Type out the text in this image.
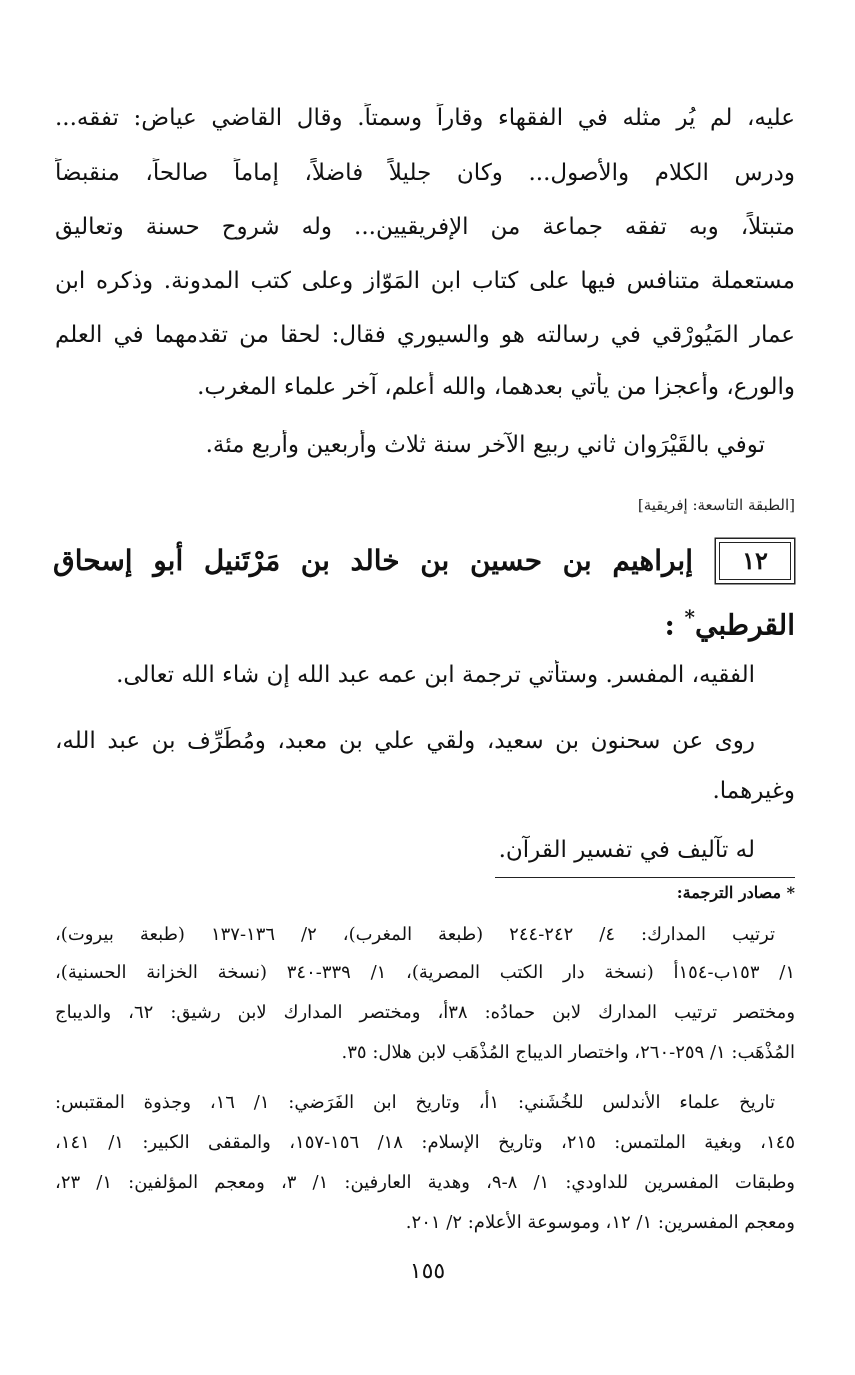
عليه، لم يُر مثله في الفقهاء وقاراً وسمتاً. وقال القاضي عياض: تفقه...
ودرس الكلام والأصول... وكان جليلاً فاضلاً، إماماً صالحاً، منقبضاً
متبتلاً، وبه تفقه جماعة من الإفريقيين... وله شروح حسنة وتعاليق
مستعملة متنافس فيها على كتاب ابن المَوّاز وعلى كتب المدونة. وذكره ابن
عمار المَيُورْقي في رسالته هو والسيوري فقال: لحقا من تقدمهما في العلم
والورع، وأعجزا من يأتي بعدهما، والله أعلم، آخر علماء المغرب.
توفي بالقَيْرَوان ثاني ربيع الآخر سنة ثلاث وأربعين وأربع مئة.
[الطبقة التاسعة: إفريقية]
١٢
إبراهيم بن حسين بن خالد بن مَرْتَنيل أبو إسحاق
القرطبي* :
الفقيه، المفسر. وستأتي ترجمة ابن عمه عبد الله إن شاء الله تعالى.
روى عن سحنون بن سعيد، ولقي علي بن معبد، ومُطَرِّف بن عبد الله،
وغيرهما.
له تآليف في تفسير القرآن.
* مصادر الترجمة:
ترتيب المدارك: ٤/ ٢٤٢-٢٤٤ (طبعة المغرب)، ٢/ ١٣٦-١٣٧ (طبعة بيروت)،
١/ ١٥٣ب-١٥٤أ (نسخة دار الكتب المصرية)، ١/ ٣٣٩-٣٤٠ (نسخة الخزانة الحسنية)،
ومختصر ترتيب المدارك لابن حمادُه: ٣٨أ، ومختصر المدارك لابن رشيق: ٦٢، والديباج
المُذْهَب: ١/ ٢٥٩-٢٦٠، واختصار الديباج المُذْهَب لابن هلال: ٣٥.
تاريخ علماء الأندلس للخُشَني: ١أ، وتاريخ ابن الفَرَضي: ١/ ١٦، وجذوة المقتبس:
١٤٥، وبغية الملتمس: ٢١٥، وتاريخ الإسلام: ١٨/ ١٥٦-١٥٧، والمقفى الكبير: ١/ ١٤١،
وطبقات المفسرين للداودي: ١/ ٨-٩، وهدية العارفين: ١/ ٣، ومعجم المؤلفين: ١/ ٢٣،
ومعجم المفسرين: ١/ ١٢، وموسوعة الأعلام: ٢/ ٢٠١.
١٥٥
